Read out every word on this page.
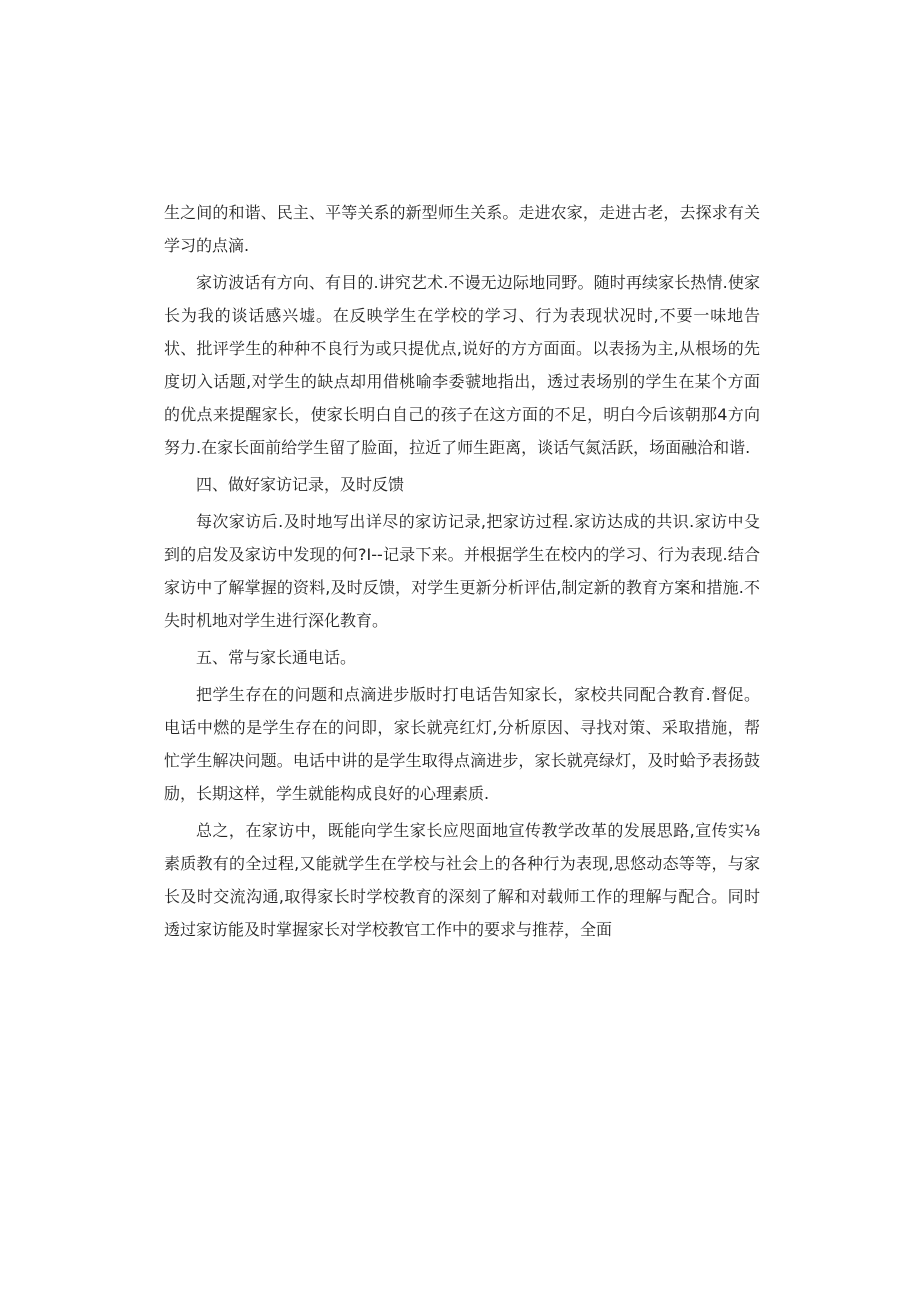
生之间的和谐、民主、平等关系的新型师生关系。走进农家，走进古老，去探求有关学习的点滴.

家访波话有方向、有目的.讲究艺术.不谩无边际地同野。随时再续家长热情.使家长为我的谈话感兴墟。在反映学生在学校的学习、行为表现状况时,不要一味地告状、批评学生的种种不良行为或只提优点,说好的方方面面。以表扬为主,从根场的先度切入话题,对学生的缺点却用借桃喻李委虢地指出，透过表场别的学生在某个方面的优点来提醒家长，使家长明白自己的孩子在这方面的不足，明白今后该朝那4方向努力.在家长面前给学生留了脸面，拉近了师生距离，谈话气氮活跃，场面融洽和谐.

四、做好家访记录，及时反馈

每次家访后.及时地写出详尽的家访记录,把家访过程.家访达成的共识.家访中殳到的启发及家访中发现的何?I--记录下来。并根据学生在校内的学习、行为表现.结合家访中了解掌握的资料,及时反馈，对学生更新分析评估,制定新的教育方案和措施.不失时机地对学生进行深化教育。

五、常与家长通电话。

把学生存在的问题和点滴进步版时打电话告知家长，家校共同配合教育.督促。电话中燃的是学生存在的问即，家长就亮红灯,分析原因、寻找对策、采取措施，帮忙学生解决问题。电话中讲的是学生取得点滴进步，家长就亮绿灯，及时蛤予表扬鼓励，长期这样，学生就能构成良好的心理素质.

总之，在家访中，既能向学生家长应咫面地宣传教学改革的发展思路,宣传实⅛素质教有的全过程,又能就学生在学校与社会上的各种行为表现,思悠动态等等，与家长及时交流沟通,取得家长时学校教育的深刻了解和对载师工作的理解与配合。同时透过家访能及时掌握家长对学校教官工作中的要求与推荐，全面
